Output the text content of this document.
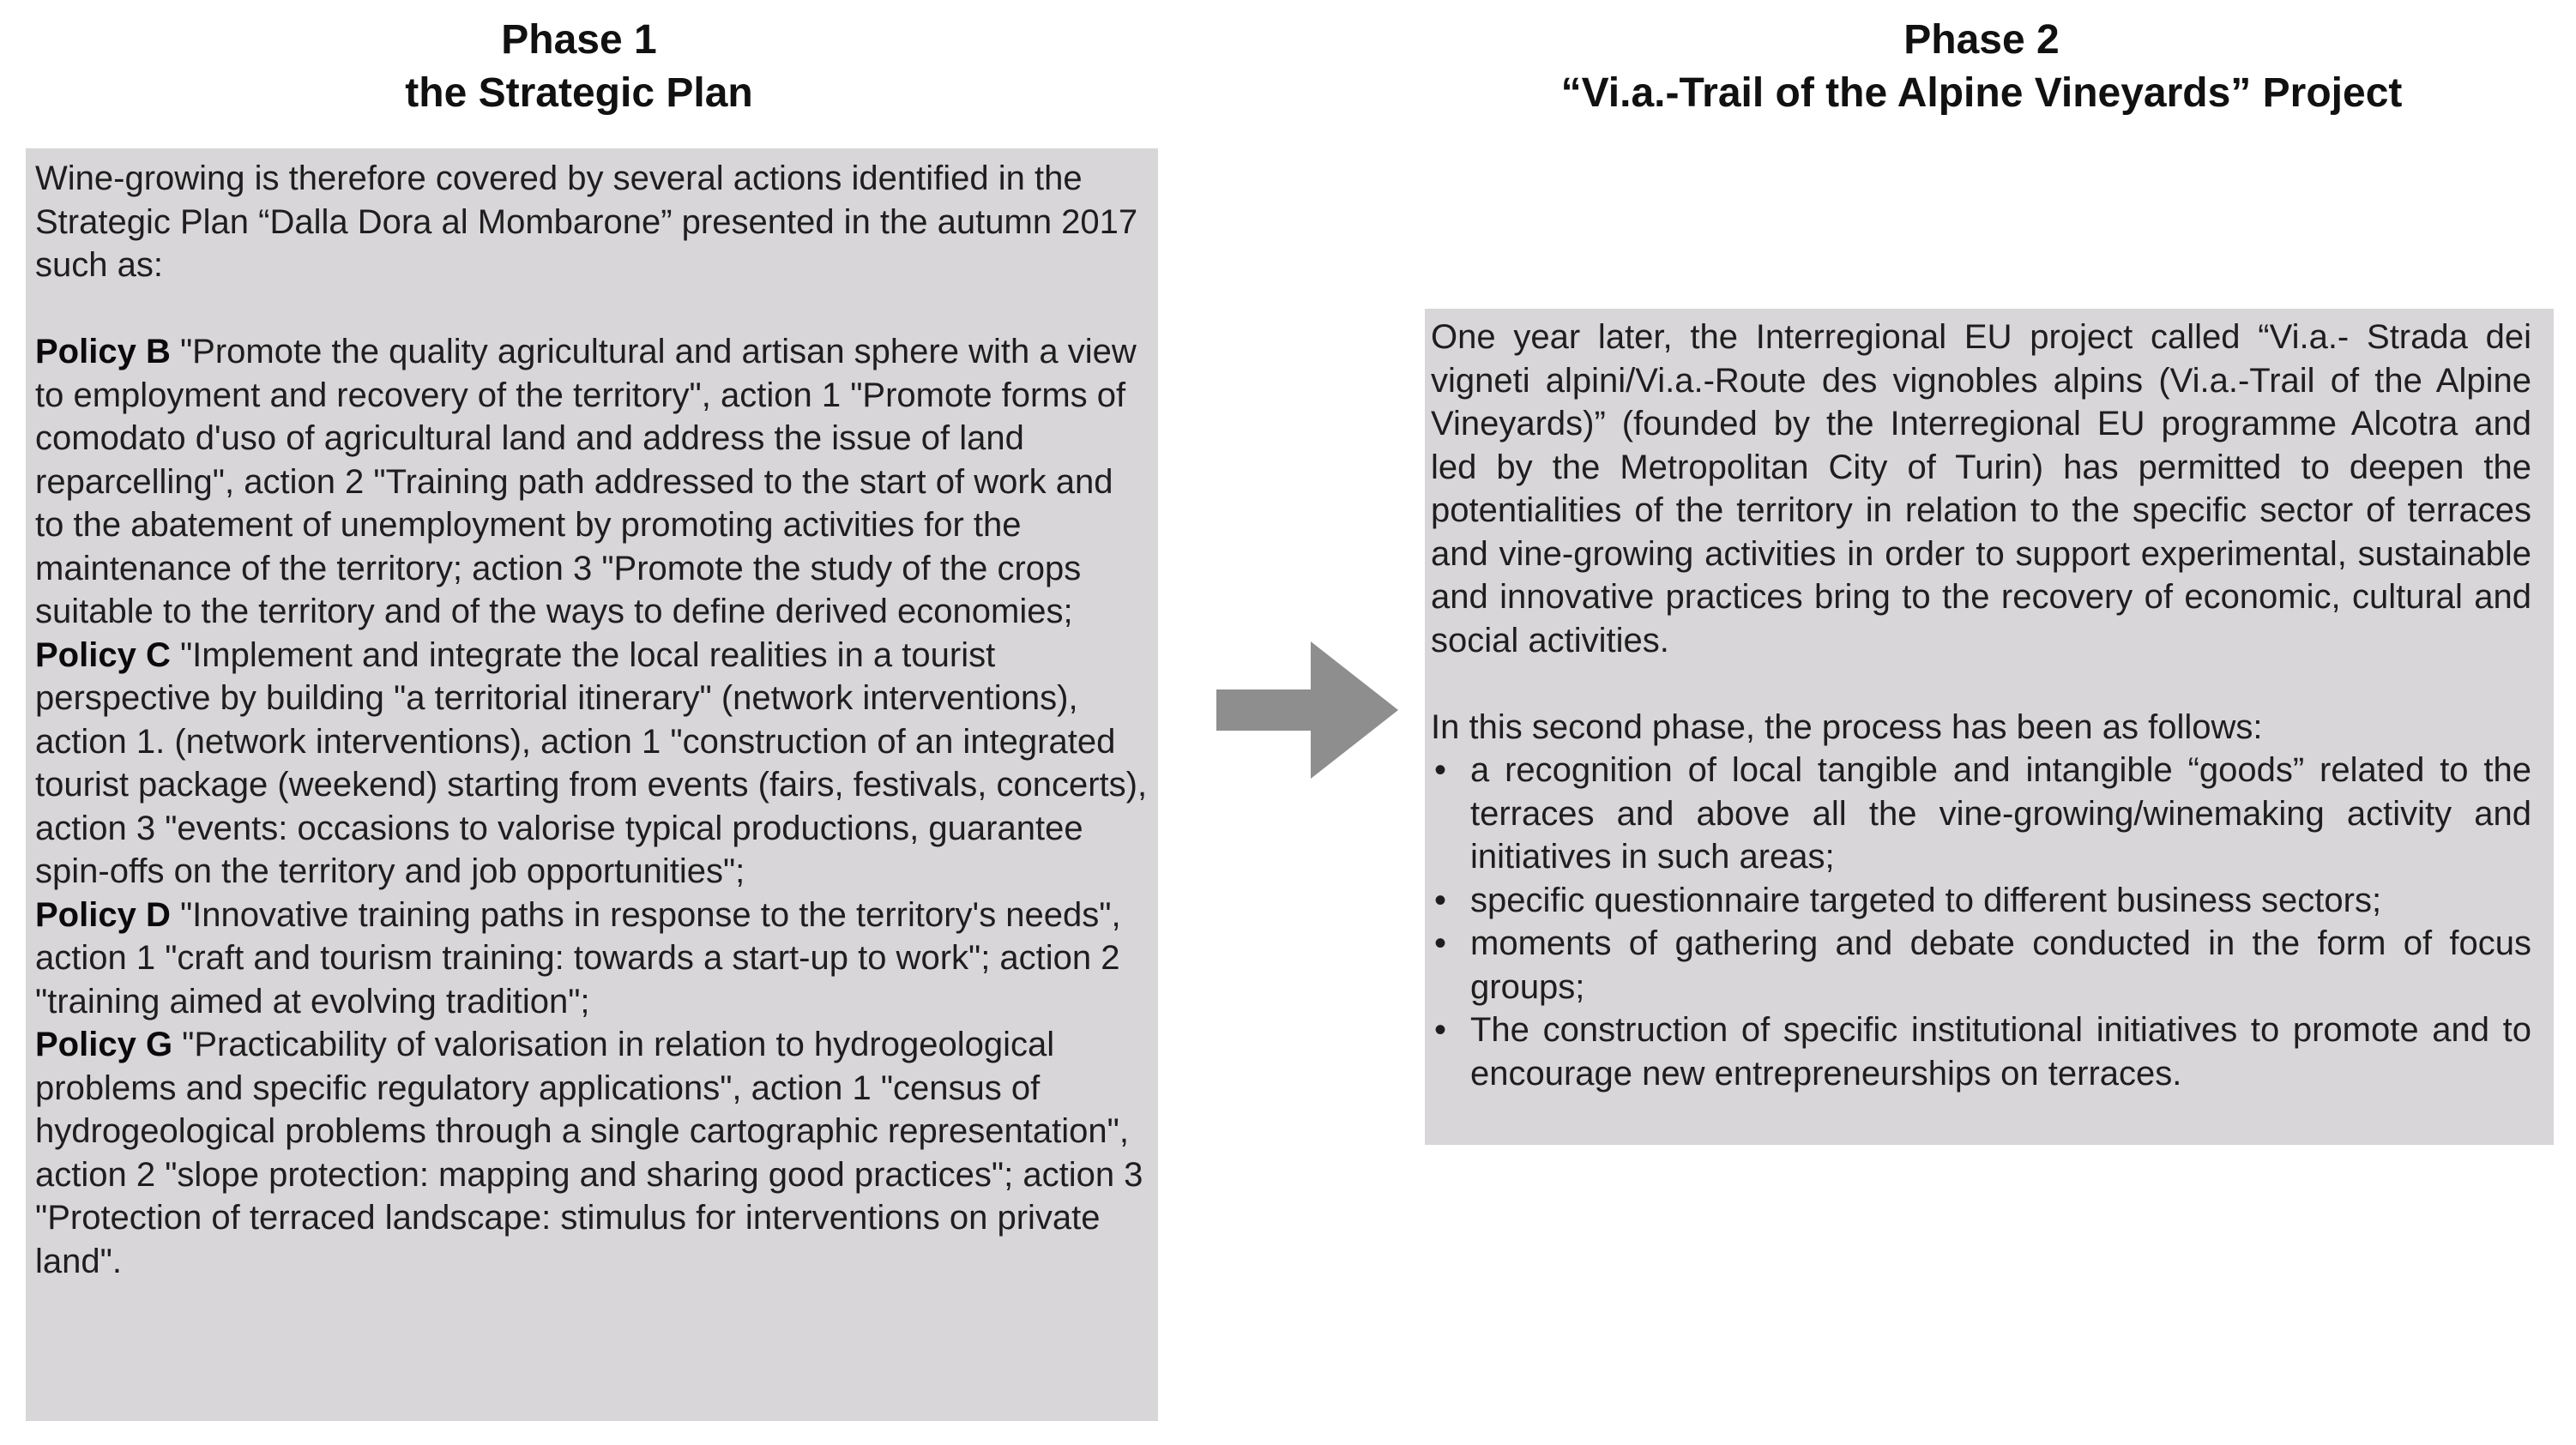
Phase 1
the Strategic Plan
Phase 2
“Vi.a.-Trail of the Alpine Vineyards” Project

Wine-growing is therefore covered by several actions identified in the Strategic Plan “Dalla Dora al Mombarone” presented in the autumn 2017 such as:

Policy B "Promote the quality agricultural and artisan sphere with a view to employment and recovery of the territory", action 1 "Promote forms of comodato d'uso of agricultural land and address the issue of land reparcelling", action 2 "Training path addressed to the start of work and to the abatement of unemployment by promoting activities for the maintenance of the territory; action 3 "Promote the study of the crops suitable to the territory and of the ways to define derived economies;

Policy C "Implement and integrate the local realities in a tourist perspective by building "a territorial itinerary" (network interventions), action 1. (network interventions), action 1 "construction of an integrated tourist package (weekend) starting from events (fairs, festivals, concerts), action 3 "events: occasions to valorise typical productions, guarantee spin-offs on the territory and job opportunities";

Policy D "Innovative training paths in response to the territory's needs", action 1 "craft and tourism training: towards a start-up to work"; action 2 "training aimed at evolving tradition";

Policy G "Practicability of valorisation in relation to hydrogeological problems and specific regulatory applications", action 1 "census of hydrogeological problems through a single cartographic representation", action 2 "slope protection: mapping and sharing good practices"; action 3 "Protection of terraced landscape: stimulus for interventions on private land".

One year later, the Interregional EU project called “Vi.a.- Strada dei vigneti alpini/Vi.a.-Route des vignobles alpins (Vi.a.-Trail of the Alpine Vineyards)” (founded by the Interregional EU programme Alcotra and led by the Metropolitan City of Turin) has permitted to deepen the potentialities of the territory in relation to the specific sector of terraces and vine-growing activities in order to support experimental, sustainable and innovative practices bring to the recovery of economic, cultural and social activities.

In this second phase, the process has been as follows:

• a recognition of local tangible and intangible “goods” related to the terraces and above all the vine-growing/winemaking activity and initiatives in such areas;
• specific questionnaire targeted to different business sectors;
• moments of gathering and debate conducted in the form of focus groups;
• The construction of specific institutional initiatives to promote and to encourage new entrepreneurships on terraces.
